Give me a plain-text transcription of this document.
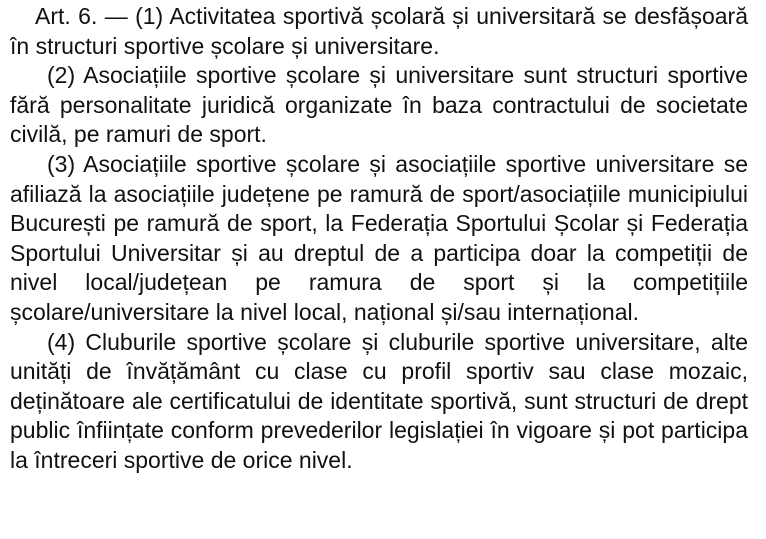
Art. 6. — (1) Activitatea sportivă școlară și universitară se desfășoară în structuri sportive școlare și universitare.

(2) Asociațiile sportive școlare și universitare sunt structuri sportive fără personalitate juridică organizate în baza contractului de societate civilă, pe ramuri de sport.

(3) Asociațiile sportive școlare și asociațiile sportive universitare se afiliază la asociațiile județene pe ramură de sport/asociațiile municipiului București pe ramură de sport, la Federația Sportului Școlar și Federația Sportului Universitar și au dreptul de a participa doar la competiții de nivel local/județean pe ramura de sport și la competițiile școlare/universitare la nivel local, național și/sau internațional.

(4) Cluburile sportive școlare și cluburile sportive universitare, alte unități de învățământ cu clase cu profil sportiv sau clase mozaic, deținătoare ale certificatului de identitate sportivă, sunt structuri de drept public înființate conform prevederilor legislației în vigoare și pot participa la întreceri sportive de orice nivel.
